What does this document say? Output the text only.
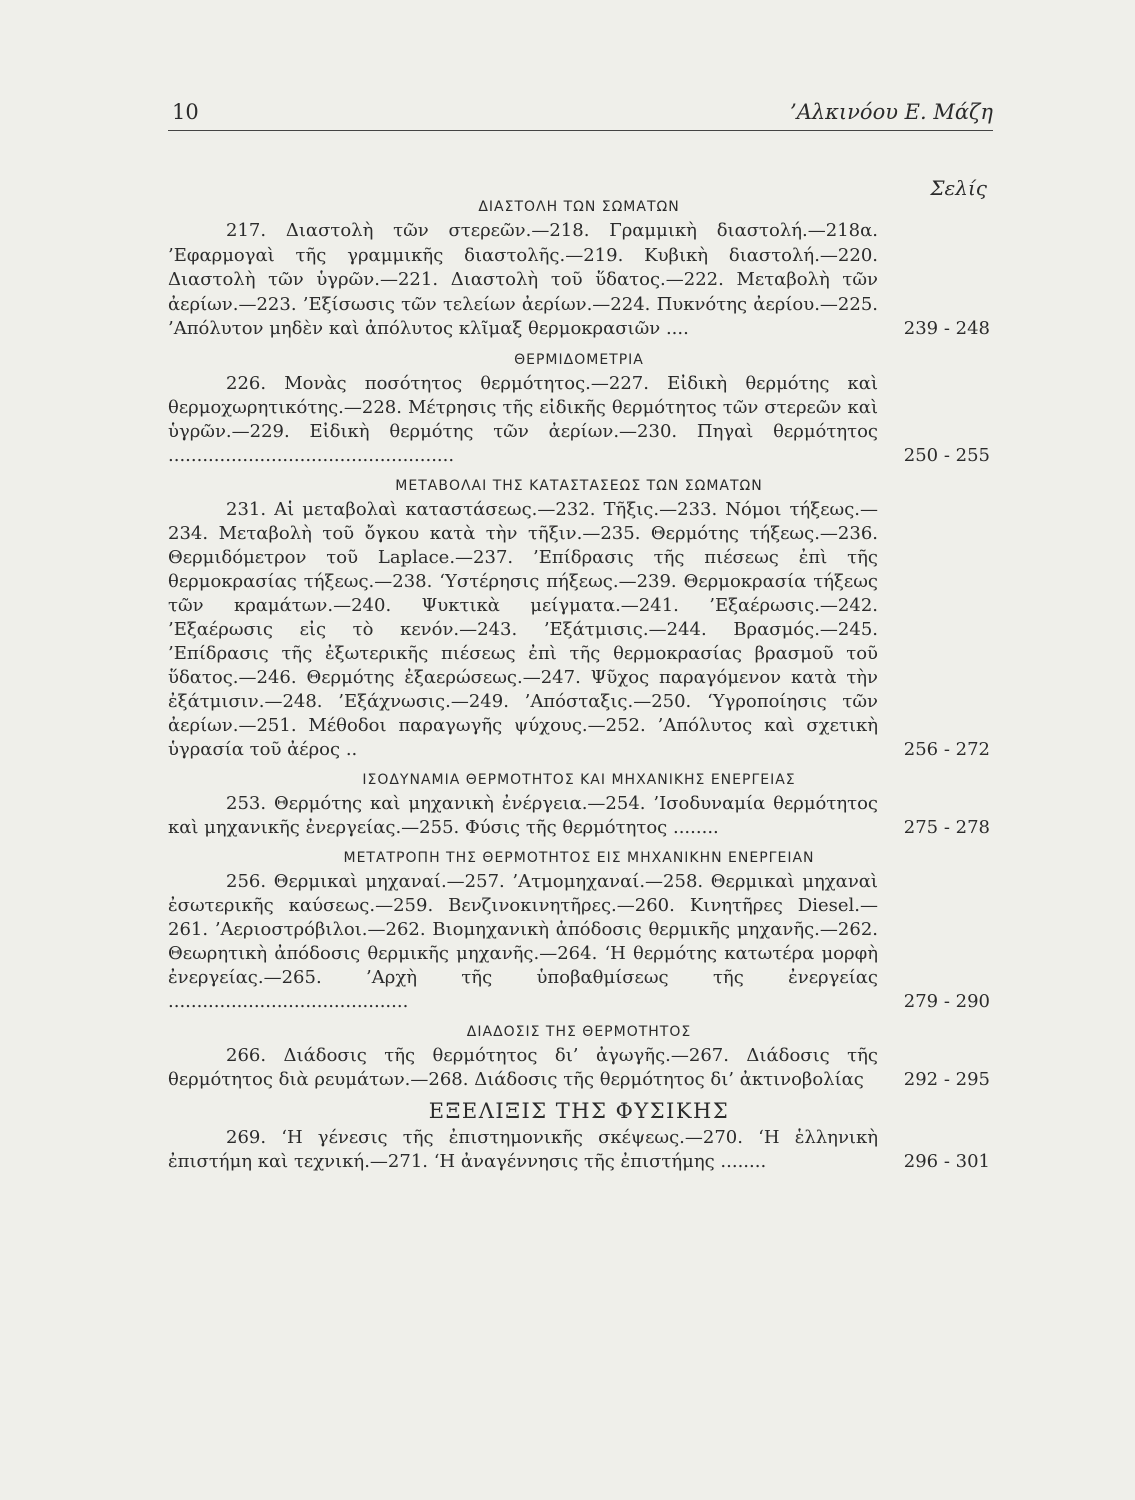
10	’Αλκινόου Ε. Μάζη
Σελίς

ΔΙΑΣΤΟΛΗ ΤΩΝ ΣΩΜΑΤΩΝ

217. Διαστολὴ τῶν στερεῶν.—218. Γραμμικὴ διαστολή.—218α. ’Εφαρμογαὶ τῆς γραμμικῆς διαστολῆς.—219. Κυβικὴ διαστολή.—220. Διαστολὴ τῶν ὑγρῶν.—221. Διαστολὴ τοῦ ὕδατος.—222. Μεταβολὴ τῶν ἀερίων.—223. ’Εξίσωσις τῶν τελείων ἀερίων.—224. Πυκνότης ἀερίου.—225. ’Απόλυτον μηδὲν καὶ ἀπόλυτος κλῖμαξ θερμοκρασιῶν ....	239 - 248

ΘΕΡΜΙΔΟΜΕΤΡΙΑ

226. Μονὰς ποσότητος θερμότητος.—227. Εἰδικὴ θερμότης καὶ θερμοχωρητικότης.—228. Μέτρησις τῆς εἰδικῆς θερμότητος τῶν στερεῶν καὶ ὑγρῶν.—229. Εἰδικὴ θερμότης τῶν ἀερίων.—230. Πηγαὶ θερμότητος ..................................................	250 - 255

ΜΕΤΑΒΟΛΑΙ ΤΗΣ ΚΑΤΑΣΤΑΣΕΩΣ ΤΩΝ ΣΩΜΑΤΩΝ

231. Αἱ μεταβολαὶ καταστάσεως.—232. Τῆξις.—233. Νόμοι τήξεως.—234. Μεταβολὴ τοῦ ὄγκου κατὰ τὴν τῆξιν.—235. Θερμότης τήξεως.—236. Θερμιδόμετρον τοῦ Laplace.—237. ’Επίδρασις τῆς πιέσεως ἐπὶ τῆς θερμοκρασίας τήξεως.—238. ‘Υστέρησις πήξεως.—239. Θερμοκρασία τήξεως τῶν κραμάτων.—240. Ψυκτικὰ μείγματα.—241. ’Εξαέρωσις.—242. ’Εξαέρωσις εἰς τὸ κενόν.—243. ’Εξάτμισις.—244. Βρασμός.—245. ’Επίδρασις τῆς ἐξωτερικῆς πιέσεως ἐπὶ τῆς θερμοκρασίας βρασμοῦ τοῦ ὕδατος.—246. Θερμότης ἐξαερώσεως.—247. Ψῦχος παραγόμενον κατὰ τὴν ἐξάτμισιν.—248. ’Εξάχνωσις.—249. ’Απόσταξις.—250. ‘Υγροποίησις τῶν ἀερίων.—251. Μέθοδοι παραγωγῆς ψύχους.—252. ’Απόλυτος καὶ σχετικὴ ὑγρασία τοῦ ἀέρος ..	256 - 272

ΙΣΟΔΥΝΑΜΙΑ ΘΕΡΜΟΤΗΤΟΣ ΚΑΙ ΜΗΧΑΝΙΚΗΣ ΕΝΕΡΓΕΙΑΣ

253. Θερμότης καὶ μηχανικὴ ἐνέργεια.—254. ’Ισοδυναμία θερμότητος καὶ μηχανικῆς ἐνεργείας.—255. Φύσις τῆς θερμότητος ........	275 - 278

ΜΕΤΑΤΡΟΠΗ ΤΗΣ ΘΕΡΜΟΤΗΤΟΣ ΕΙΣ ΜΗΧΑΝΙΚΗΝ ΕΝΕΡΓΕΙΑΝ

256. Θερμικαὶ μηχαναί.—257. ’Ατμομηχαναί.—258. Θερμικαὶ μηχαναὶ ἐσωτερικῆς καύσεως.—259. Βενζινοκινητῆρες.—260. Κινητῆρες Diesel.—261. ’Αεριοστρόβιλοι.—262. Βιομηχανικὴ ἀπόδοσις θερμικῆς μηχανῆς.—262. Θεωρητικὴ ἀπόδοσις θερμικῆς μηχανῆς.—264. ‘Η θερμότης κατωτέρα μορφὴ ἐνεργείας.—265. ’Αρχὴ τῆς ὑποβαθμίσεως τῆς ἐνεργείας ..........................................	279 - 290

ΔΙΑΔΟΣΙΣ ΤΗΣ ΘΕΡΜΟΤΗΤΟΣ

266. Διάδοσις τῆς θερμότητος δι’ ἀγωγῆς.—267. Διάδοσις τῆς θερμότητος διὰ ρευμάτων.—268. Διάδοσις τῆς θερμότητος δι’ ἀκτινοβολίας 292 - 295

ΕΞΕΛΙΞΙΣ ΤΗΣ ΦΥΣΙΚΗΣ

269. ‘Η γένεσις τῆς ἐπιστημονικῆς σκέψεως.—270. ‘Η ἑλληνικὴ ἐπιστήμη καὶ τεχνική.—271. ‘Η ἀναγέννησις τῆς ἐπιστήμης ........	296 - 301
